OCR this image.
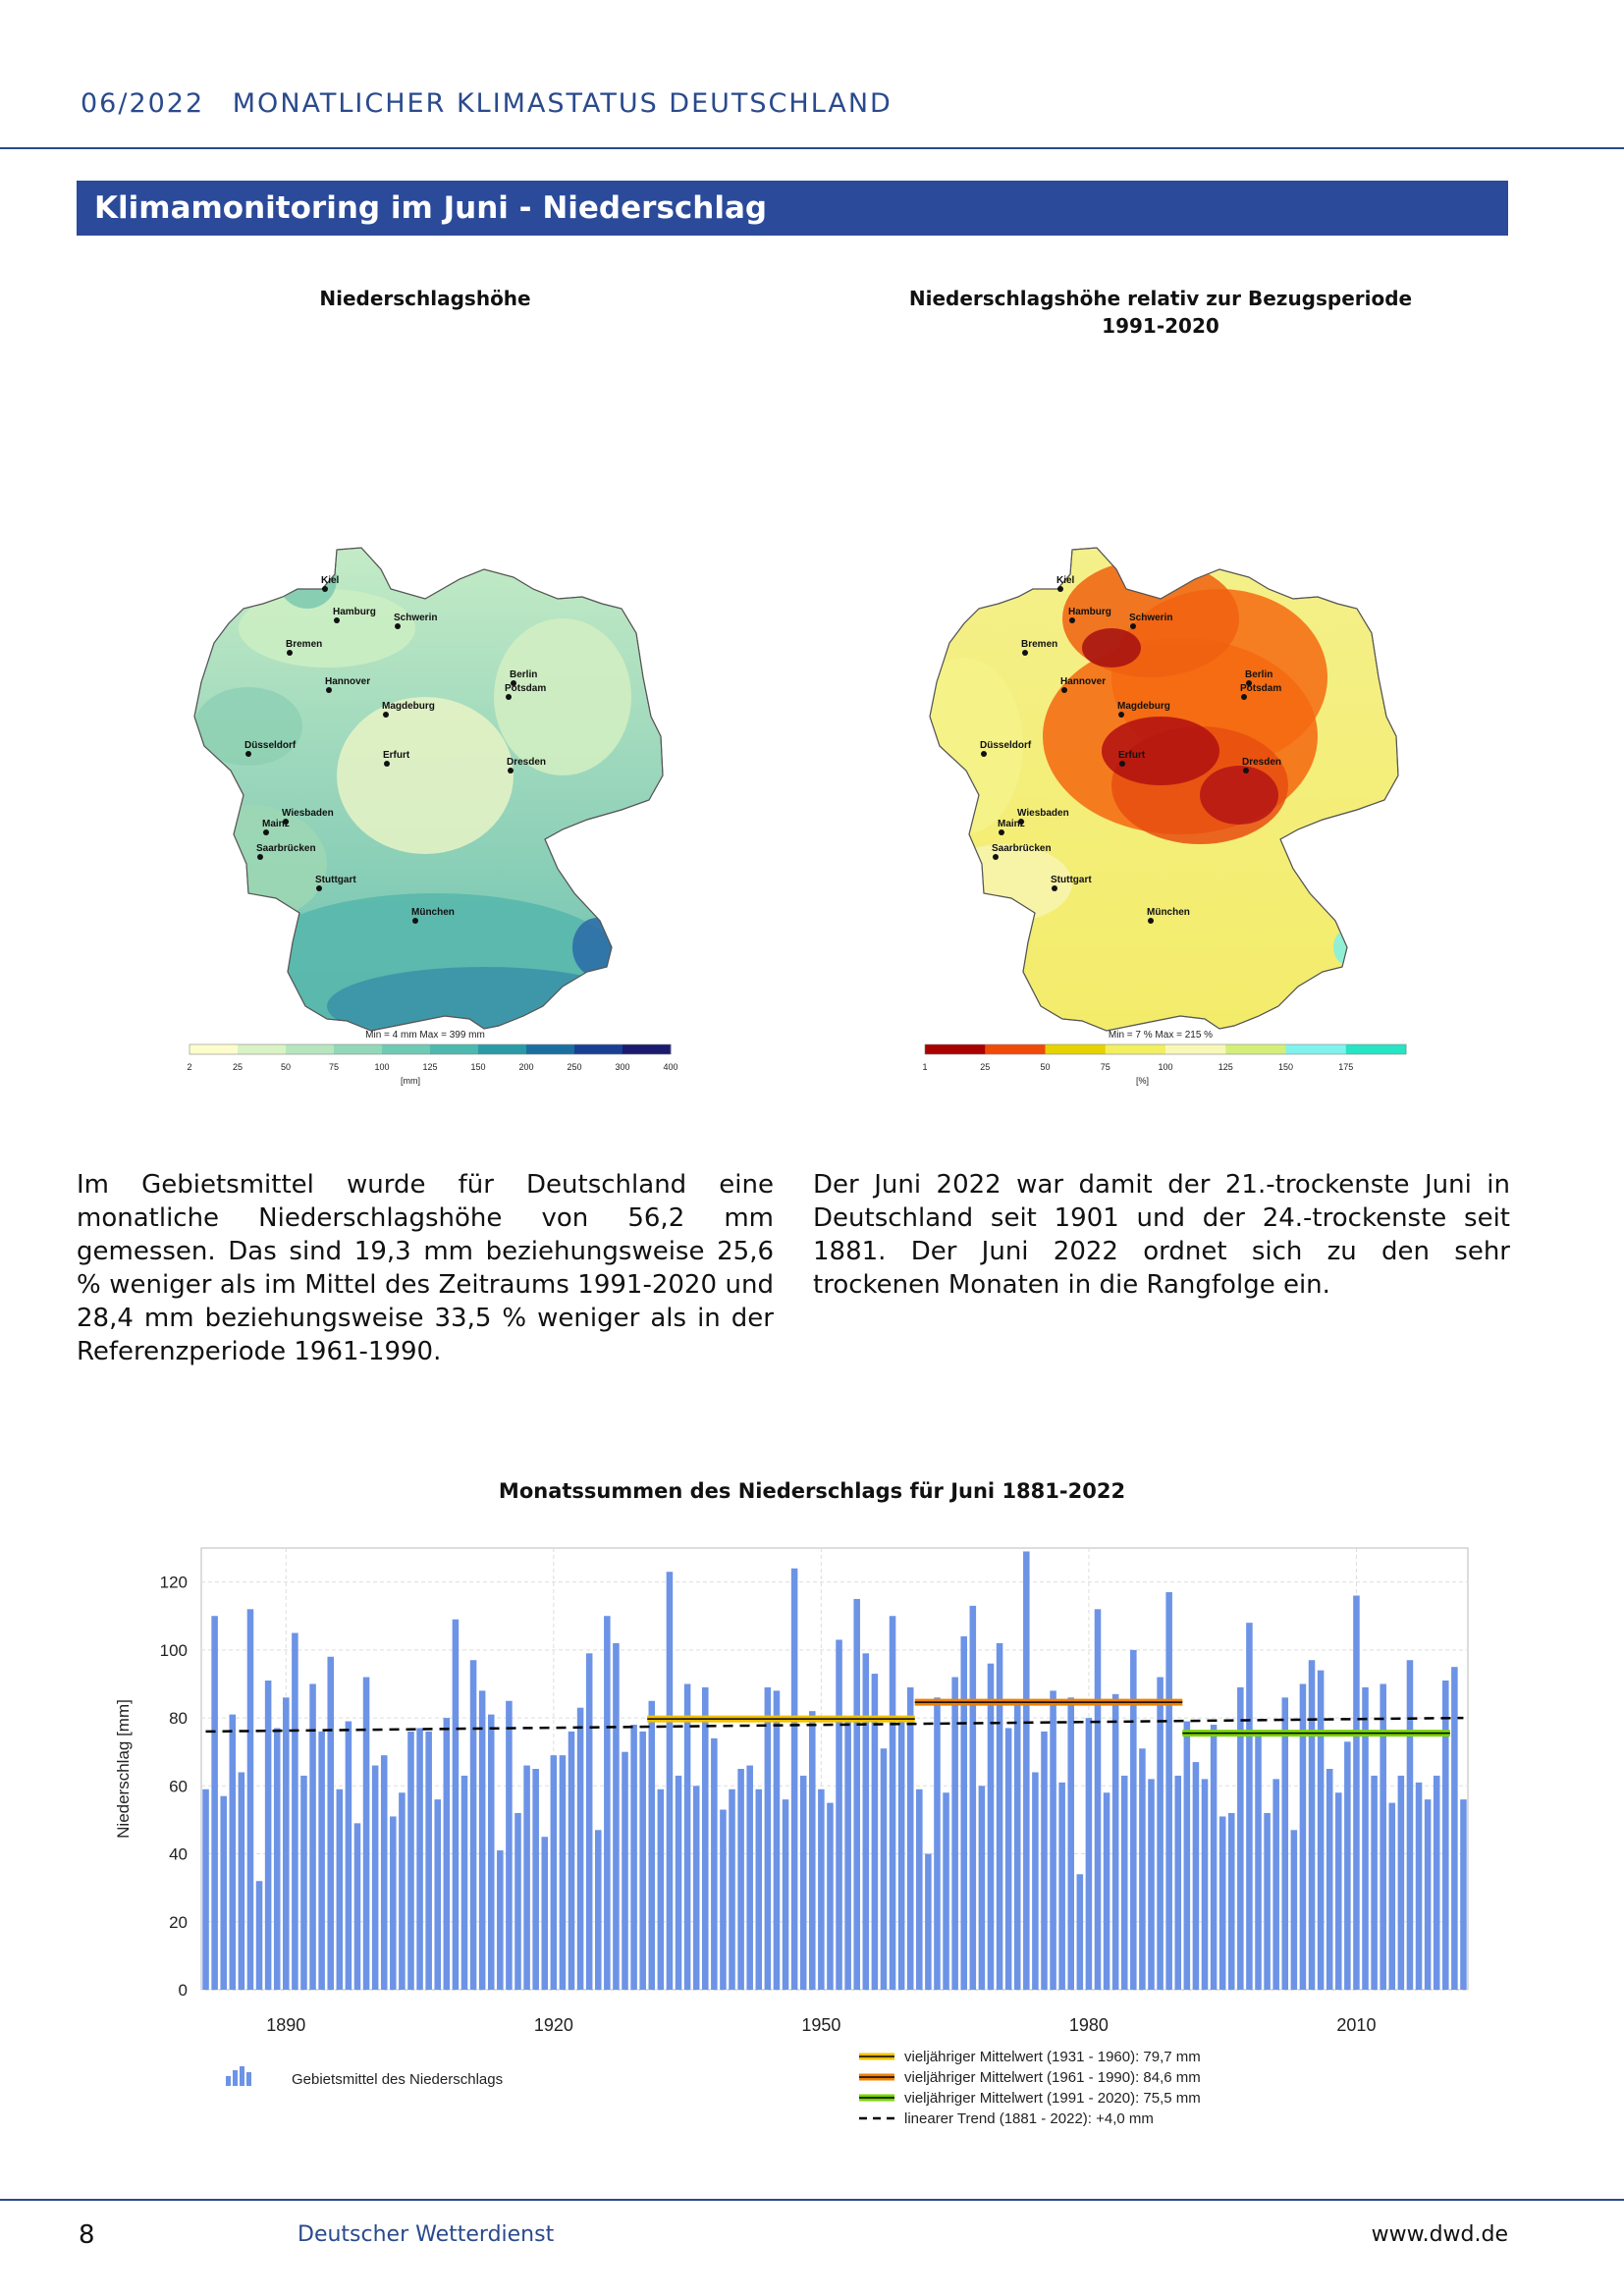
06/2022 MONATLICHER KLIMASTATUS DEUTSCHLAND
Klimamonitoring im Juni - Niederschlag
Niederschlagshöhe
Kiel
Hamburg
Schwerin
Bremen
Berlin
Hannover
Potsdam
Magdeburg
Düsseldorf
Erfurt
Dresden
Wiesbaden
Mainz
Saarbrücken
Stuttgart
München
Min = 4 mm Max = 399 mm
2	25	50	75	100	125	150	200	250	300	400
[mm]
Niederschlagshöhe relativ zur Bezugsperiode 1991-2020
Kiel
Hamburg
Schwerin
Bremen
Berlin
Hannover
Potsdam
Magdeburg
Düsseldorf
Erfurt
Dresden
Wiesbaden
Mainz
Saarbrücken
Stuttgart
München
Min = 7 % Max = 215 %
1	25	50	75	100	125	150	175
[%]
Im Gebietsmittel wurde für Deutschland eine monatliche Niederschlagshöhe von 56,2 mm gemessen. Das sind 19,3 mm beziehungsweise 25,6 % weniger als im Mittel des Zeitraums 1991-2020 und 28,4 mm beziehungsweise 33,5 % weniger als in der Referenzperiode 1961-1990.
Der Juni 2022 war damit der 21.-trockenste Juni in Deutschland seit 1901 und der 24.-trockenste seit 1881. Der Juni 2022 ordnet sich zu den sehr trockenen Monaten in die Rangfolge ein.
Monatssummen des Niederschlags für Juni 1881-2022
0
20
40
60
80
100
120
1890	1920	1950	1980	2010
Niederschlag [mm]
Gebietsmittel des Niederschlags
vieljähriger Mittelwert (1931 - 1960): 79,7 mm
vieljähriger Mittelwert (1961 - 1990): 84,6 mm
vieljähriger Mittelwert (1991 - 2020): 75,5 mm
linearer Trend (1881 - 2022): +4,0 mm
8	Deutscher Wetterdienst	www.dwd.de
